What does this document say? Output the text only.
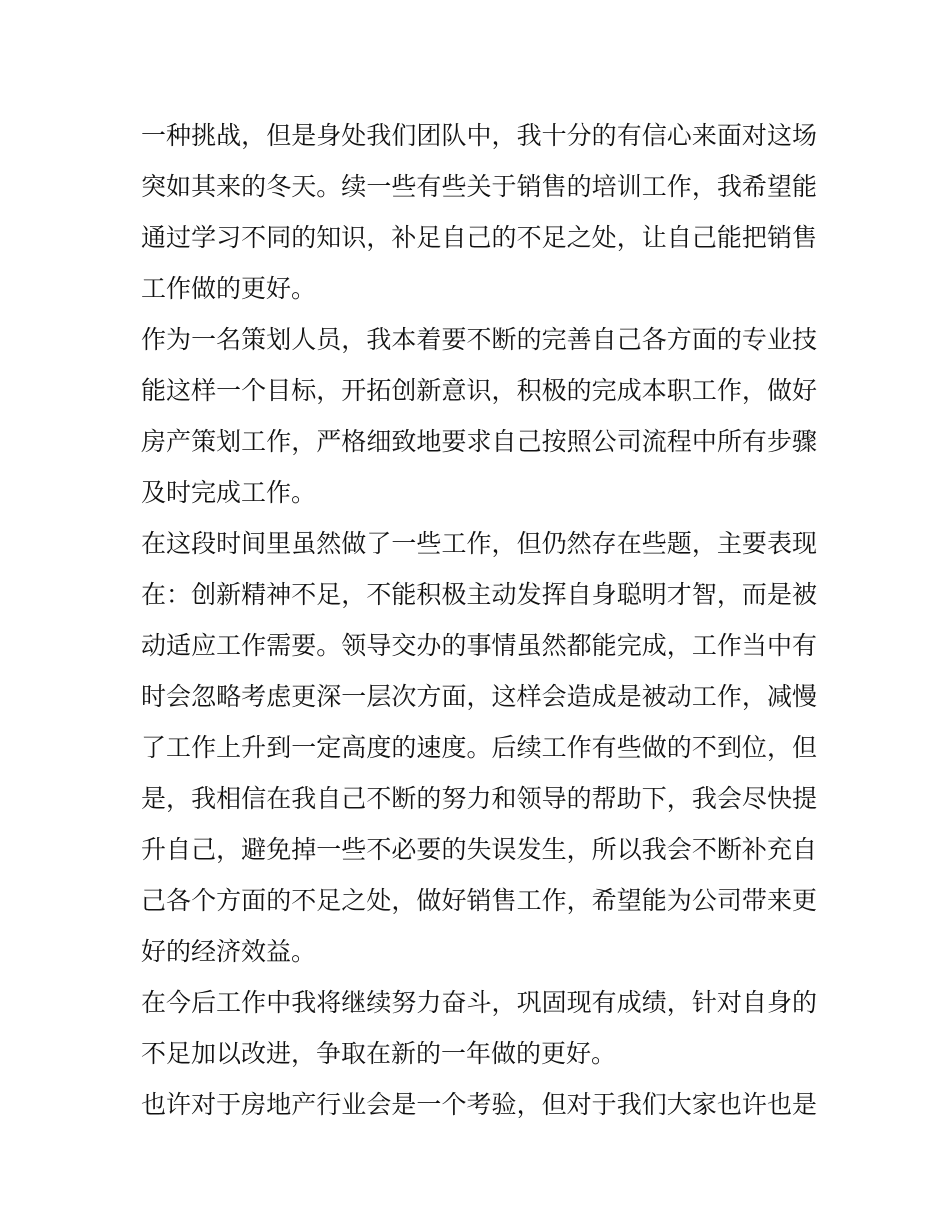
一种挑战，但是身处我们团队中，我十分的有信心来面对这场
突如其来的冬天。续一些有些关于销售的培训工作，我希望能
通过学习不同的知识，补足自己的不足之处，让自己能把销售
工作做的更好。
作为一名策划人员，我本着要不断的完善自己各方面的专业技
能这样一个目标，开拓创新意识，积极的完成本职工作，做好
房产策划工作，严格细致地要求自己按照公司流程中所有步骤
及时完成工作。
在这段时间里虽然做了一些工作，但仍然存在些题，主要表现
在：创新精神不足，不能积极主动发挥自身聪明才智，而是被
动适应工作需要。领导交办的事情虽然都能完成，工作当中有
时会忽略考虑更深一层次方面，这样会造成是被动工作，减慢
了工作上升到一定高度的速度。后续工作有些做的不到位，但
是，我相信在我自己不断的努力和领导的帮助下，我会尽快提
升自己，避免掉一些不必要的失误发生，所以我会不断补充自
己各个方面的不足之处，做好销售工作，希望能为公司带来更
好的经济效益。
在今后工作中我将继续努力奋斗，巩固现有成绩，针对自身的
不足加以改进，争取在新的一年做的更好。
也许对于房地产行业会是一个考验，但对于我们大家也许也是
